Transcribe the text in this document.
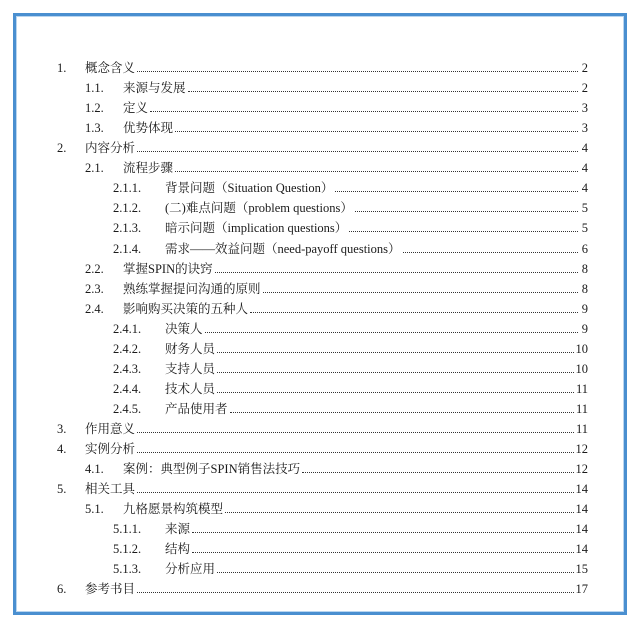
1.	概念含义	2
1.1.	来源与发展	2
1.2.	定义	3
1.3.	优势体现	3
2.	内容分析	4
2.1.	流程步骤	4
2.1.1.	背景问题（Situation Question）	4
2.1.2.	(二)难点问题（problem questions）	5
2.1.3.	暗示问题（implication questions）	5
2.1.4.	需求——效益问题（need-payoff questions）	6
2.2.	掌握SPIN的诀窍	8
2.3.	熟练掌握提问沟通的原则	8
2.4.	影响购买决策的五种人	9
2.4.1.	决策人	9
2.4.2.	财务人员	10
2.4.3.	支持人员	10
2.4.4.	技术人员	11
2.4.5.	产品使用者	11
3.	作用意义	11
4.	实例分析	12
4.1.	案例：典型例子SPIN销售法技巧	12
5.	相关工具	14
5.1.	九格愿景构筑模型	14
5.1.1.	来源	14
5.1.2.	结构	14
5.1.3.	分析应用	15
6.	参考书目	17
